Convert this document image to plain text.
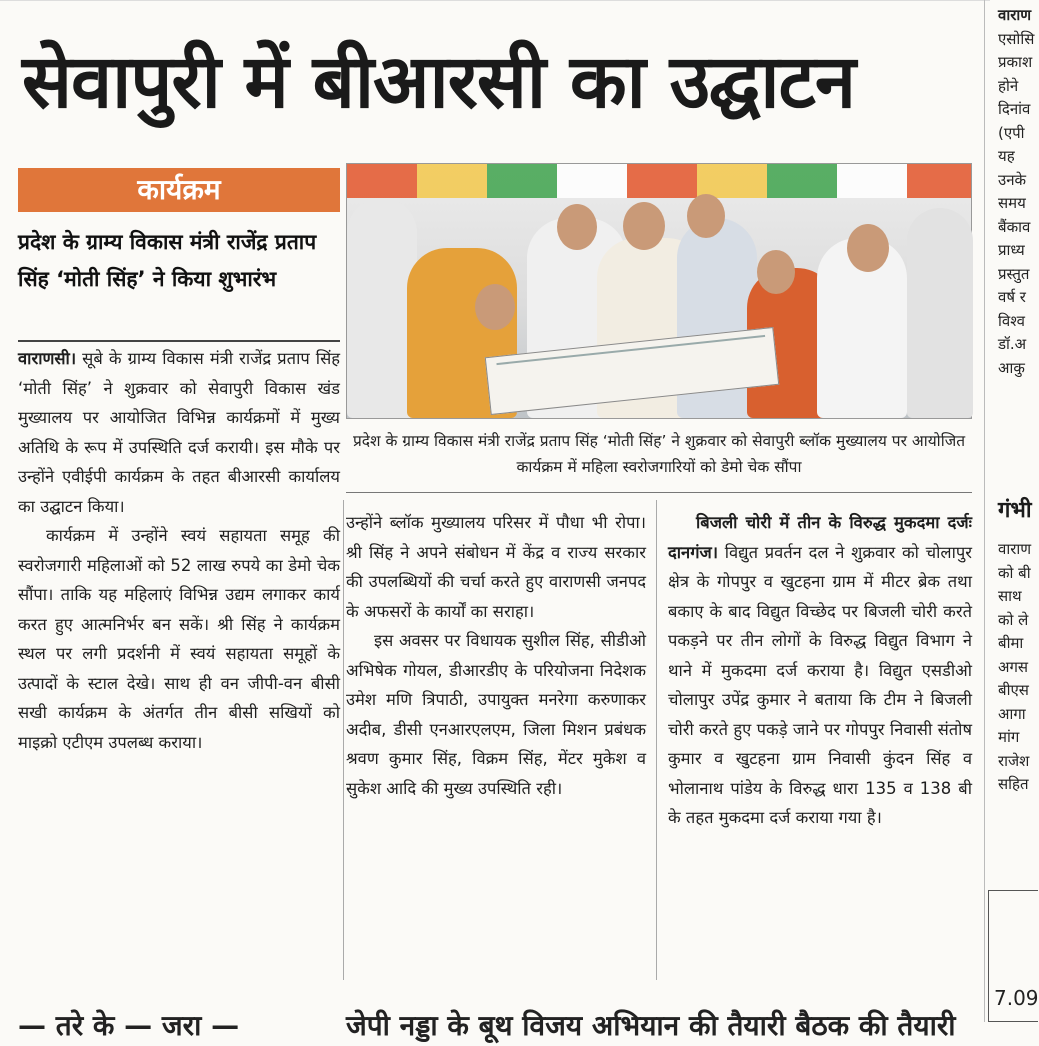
सेवापुरी में बीआरसी का उद्घाटन
कार्यक्रम
प्रदेश के ग्राम्य विकास मंत्री राजेंद्र प्रताप सिंह ‘मोती सिंह’ ने किया शुभारंभ

वाराणसी। सूबे के ग्राम्य विकास मंत्री राजेंद्र प्रताप सिंह ‘मोती सिंह’ ने शुक्रवार को सेवापुरी विकास खंड मुख्यालय पर आयोजित विभिन्न कार्यक्रमों में मुख्य अतिथि के रूप में उपस्थिति दर्ज करायी। इस मौके पर उन्होंने एवीईपी कार्यक्रम के तहत बीआरसी कार्यालय का उद्घाटन किया।

कार्यक्रम में उन्होंने स्वयं सहायता समूह की स्वरोजगारी महिलाओं को 52 लाख रुपये का डेमो चेक सौंपा। ताकि यह महिलाएं विभिन्न उद्यम लगाकर कार्य करत हुए आत्मनिर्भर बन सकें। श्री सिंह ने कार्यक्रम स्थल पर लगी प्रदर्शनी में स्वयं सहायता समूहों के उत्पादों के स्टाल देखे। साथ ही वन जीपी-वन बीसी सखी कार्यक्रम के अंतर्गत तीन बीसी सखियों को माइक्रो एटीएम उपलब्ध कराया।

प्रदेश के ग्राम्य विकास मंत्री राजेंद्र प्रताप सिंह ‘मोती सिंह’ ने शुक्रवार को सेवापुरी ब्लॉक मुख्यालय पर आयोजित कार्यक्रम में महिला स्वरोजगारियों को डेमो चेक सौंपा

उन्होंने ब्लॉक मुख्यालय परिसर में पौधा भी रोपा। श्री सिंह ने अपने संबोधन में केंद्र व राज्य सरकार की उपलब्धियों की चर्चा करते हुए वाराणसी जनपद के अफसरों के कार्यों का सराहा।

इस अवसर पर विधायक सुशील सिंह, सीडीओ अभिषेक गोयल, डीआरडीए के परियोजना निदेशक उमेश मणि त्रिपाठी, उपायुक्त मनरेगा करुणाकर अदीब, डीसी एनआरएलएम, जिला मिशन प्रबंधक श्रवण कुमार सिंह, विक्रम सिंह, मेंटर मुकेश व सुकेश आदि की मुख्य उपस्थिति रही।

बिजली चोरी में तीन के विरुद्ध मुकदमा दर्जः दानगंज। विद्युत प्रवर्तन दल ने शुक्रवार को चोलापुर क्षेत्र के गोपपुर व खुटहना ग्राम में मीटर ब्रेक तथा बकाए के बाद विद्युत विच्छेद पर बिजली चोरी करते पकड़ने पर तीन लोगों के विरुद्ध विद्युत विभाग ने थाने में मुकदमा दर्ज कराया है। विद्युत एसडीओ चोलापुर उपेंद्र कुमार ने बताया कि टीम ने बिजली चोरी करते हुए पकड़े जाने पर गोपपुर निवासी संतोष कुमार व खुटहना ग्राम निवासी कुंदन सिंह व भोलानाथ पांडेय के विरुद्ध धारा 135 व 138 बी के तहत मुकदमा दर्ज कराया गया है।

वाराण
एसोसि
प्रकाश
होने
दिनांव
(एपी
यह
उनके
समय
बैंकाव
प्राध्य
प्रस्तुत
वर्ष र
विश्व
डॉ.अ
आकु
गंभी
वाराण
को बी
साथ
को ले
बीमा
अगस
बीएस
आगा
मांग
राजेश
सहित
7.09
— तरे के — जरा —	जेपी नड्डा के बूथ विजय अभियान की तैयारी बैठक की तैयारी
